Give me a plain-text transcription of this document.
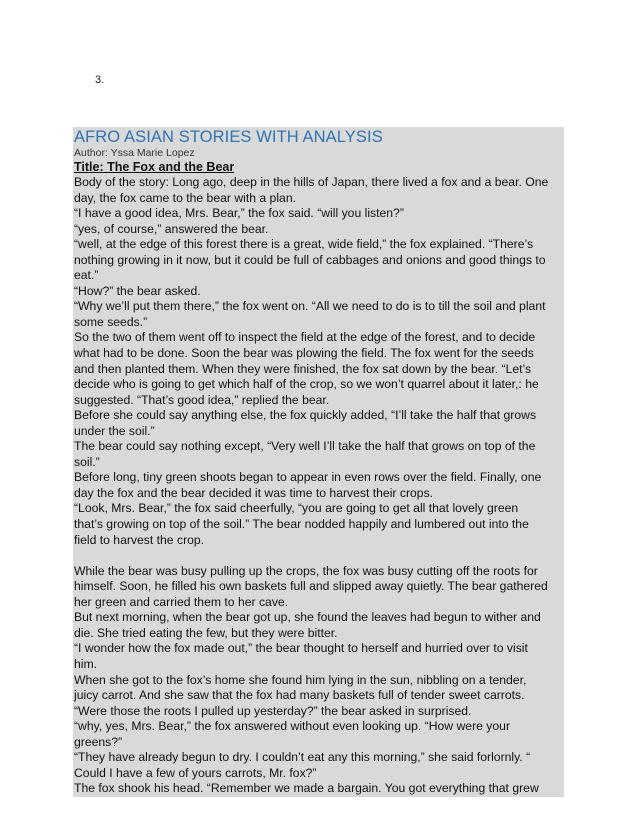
3.
AFRO ASIAN STORIES WITH ANALYSIS
Author: Yssa Marie Lopez
Title: The Fox and the Bear
Body of the story: Long ago, deep in the hills of Japan, there lived a fox and a bear. One
day, the fox came to the bear with a plan.
“I have a good idea, Mrs. Bear,” the fox said. “will you listen?”
“yes, of course,” answered the bear.
“well, at the edge of this forest there is a great, wide field,” the fox explained. “There’s
nothing growing in it now, but it could be full of cabbages and onions and good things to
eat.”
“How?” the bear asked.
“Why we’ll put them there,” the fox went on. “All we need to do is to till the soil and plant
some seeds.”
So the two of them went off to inspect the field at the edge of the forest, and to decide
what had to be done. Soon the bear was plowing the field. The fox went for the seeds
and then planted them. When they were finished, the fox sat down by the bear. “Let’s
decide who is going to get which half of the crop, so we won’t quarrel about it later,: he
suggested. “That’s good idea,” replied the bear.
Before she could say anything else, the fox quickly added, “I’ll take the half that grows
under the soil.”
The bear could say nothing except, “Very well I’ll take the half that grows on top of the
soil.”
Before long, tiny green shoots began to appear in even rows over the field. Finally, one
day the fox and the bear decided it was time to harvest their crops.
“Look, Mrs. Bear,” the fox said cheerfully, “you are going to get all that lovely green
that’s growing on top of the soil.” The bear nodded happily and lumbered out into the
field to harvest the crop.
While the bear was busy pulling up the crops, the fox was busy cutting off the roots for
himself. Soon, he filled his own baskets full and slipped away quietly. The bear gathered
her green and carried them to her cave.
But next morning, when the bear got up, she found the leaves had begun to wither and
die. She tried eating the few, but they were bitter.
“I wonder how the fox made out,” the bear thought to herself and hurried over to visit
him.
When she got to the fox’s home she found him lying in the sun, nibbling on a tender,
juicy carrot. And she saw that the fox had many baskets full of tender sweet carrots.
“Were those the roots I pulled up yesterday?” the bear asked in surprised.
“why, yes, Mrs. Bear,” the fox answered without even looking up. “How were your
greens?”
“They have already begun to dry. I couldn’t eat any this morning,” she said forlornly. “
Could I have a few of yours carrots, Mr. fox?”
The fox shook his head. “Remember we made a bargain. You got everything that grew
